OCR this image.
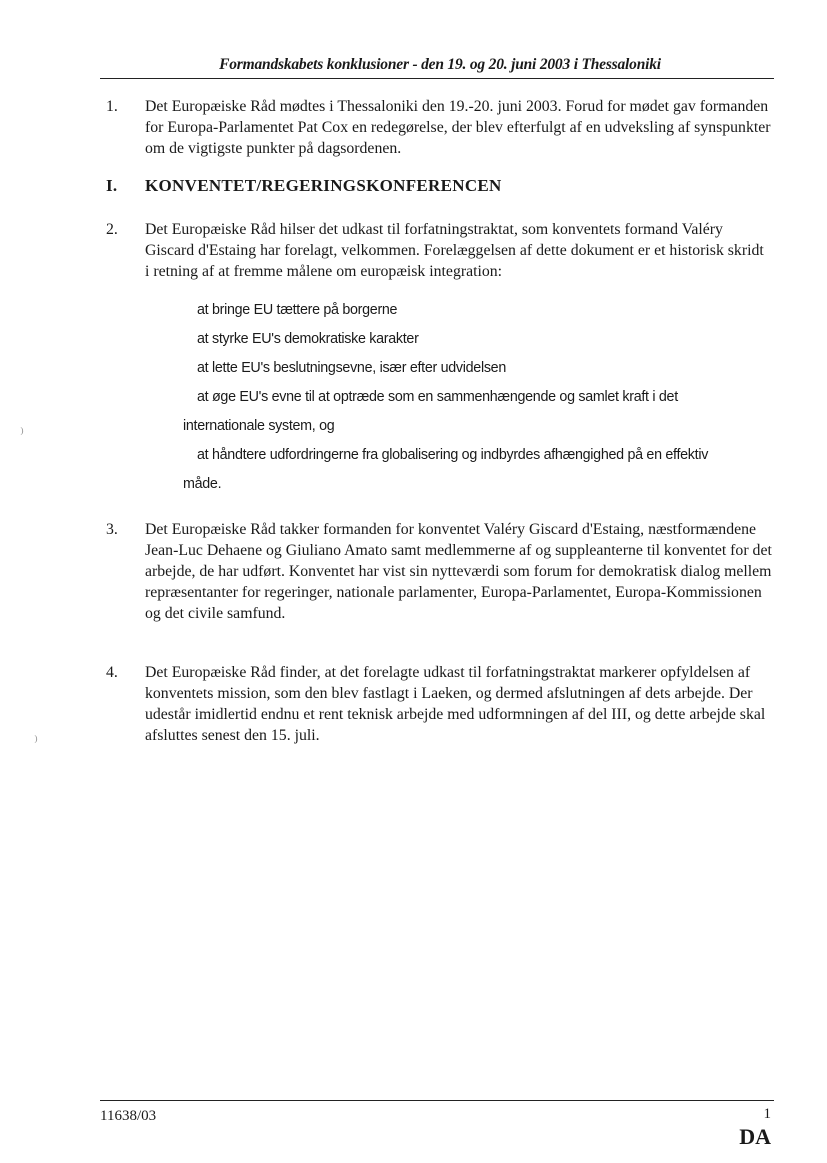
Formandskabets konklusioner - den 19. og 20. juni 2003 i Thessaloniki
1.	Det Europæiske Råd mødtes i Thessaloniki den 19.-20. juni 2003. Forud for mødet gav formanden for Europa-Parlamentet Pat Cox en redegørelse, der blev efterfulgt af en udveksling af synspunkter om de vigtigste punkter på dagsordenen.
I. KONVENTET/REGERINGSKONFERENCEN
2.	Det Europæiske Råd hilser det udkast til forfatningstraktat, som konventets formand Valéry Giscard d'Estaing har forelagt, velkommen. Forelæggelsen af dette dokument er et historisk skridt i retning af at fremme målene om europæisk integration:
at bringe EU tættere på borgerne
at styrke EU's demokratiske karakter
at lette EU's beslutningsevne, især efter udvidelsen
at øge EU's evne til at optræde som en sammenhængende og samlet kraft i det
internationale system, og
at håndtere udfordringerne fra globalisering og indbyrdes afhængighed på en effektiv
måde.
3.	Det Europæiske Råd takker formanden for konventet Valéry Giscard d'Estaing, næstformændene Jean-Luc Dehaene og Giuliano Amato samt medlemmerne af og suppleanterne til konventet for det arbejde, de har udført. Konventet har vist sin nytteværdi som forum for demokratisk dialog mellem repræsentanter for regeringer, nationale parlamenter, Europa-Parlamentet, Europa-Kommissionen og det civile samfund.
4.	Det Europæiske Råd finder, at det forelagte udkast til forfatningstraktat markerer opfyldelsen af konventets mission, som den blev fastlagt i Laeken, og dermed afslutningen af dets arbejde. Der udestår imidlertid endnu et rent teknisk arbejde med udformningen af del III, og dette arbejde skal afsluttes senest den 15. juli.
⁾
⁾
11638/03	1
DA
